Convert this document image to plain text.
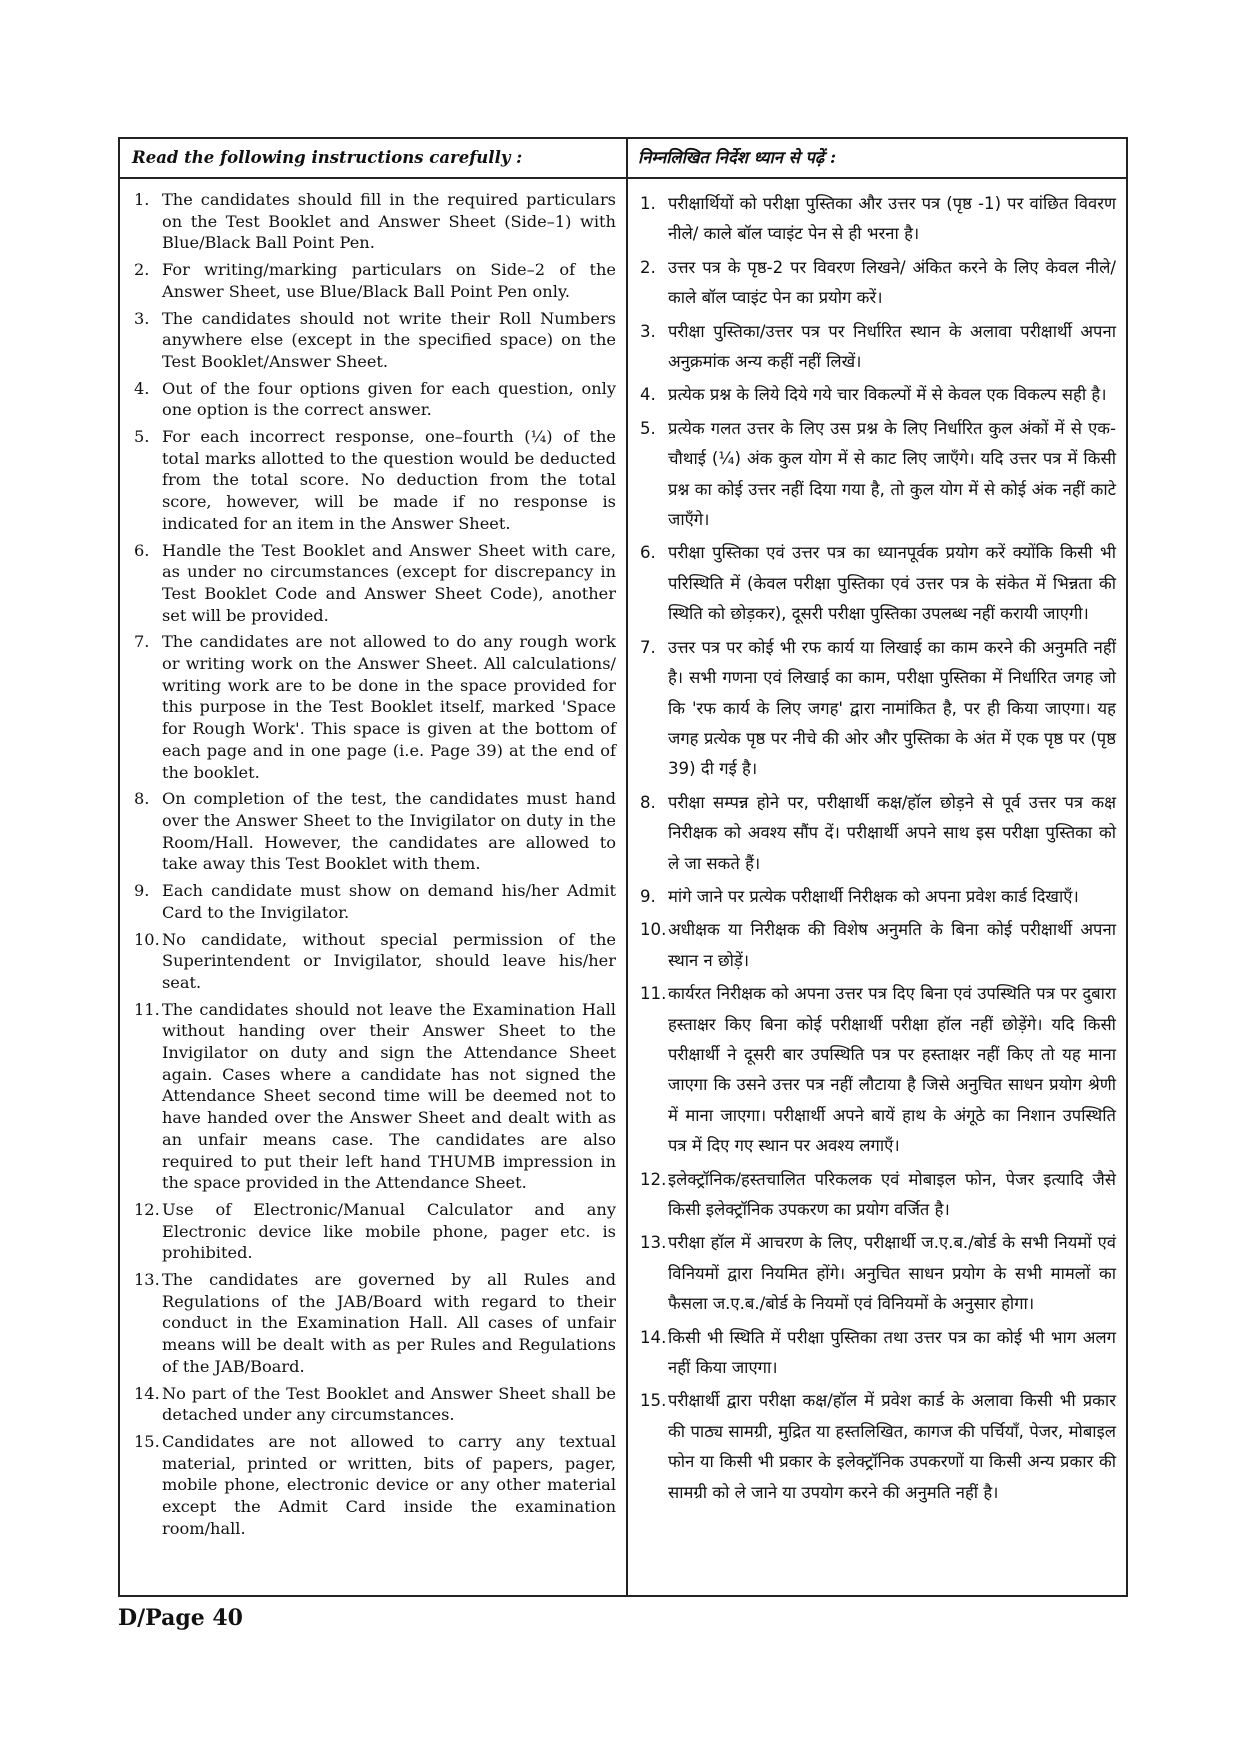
Read the following instructions carefully :
1. The candidates should fill in the required particulars on the Test Booklet and Answer Sheet (Side–1) with Blue/Black Ball Point Pen.
2. For writing/marking particulars on Side–2 of the Answer Sheet, use Blue/Black Ball Point Pen only.
3. The candidates should not write their Roll Numbers anywhere else (except in the specified space) on the Test Booklet/Answer Sheet.
4. Out of the four options given for each question, only one option is the correct answer.
5. For each incorrect response, one–fourth (¼) of the total marks allotted to the question would be deducted from the total score. No deduction from the total score, however, will be made if no response is indicated for an item in the Answer Sheet.
6. Handle the Test Booklet and Answer Sheet with care, as under no circumstances (except for discrepancy in Test Booklet Code and Answer Sheet Code), another set will be provided.
7. The candidates are not allowed to do any rough work or writing work on the Answer Sheet. All calculations/ writing work are to be done in the space provided for this purpose in the Test Booklet itself, marked 'Space for Rough Work'. This space is given at the bottom of each page and in one page (i.e. Page 39) at the end of the booklet.
8. On completion of the test, the candidates must hand over the Answer Sheet to the Invigilator on duty in the Room/Hall. However, the candidates are allowed to take away this Test Booklet with them.
9. Each candidate must show on demand his/her Admit Card to the Invigilator.
10. No candidate, without special permission of the Superintendent or Invigilator, should leave his/her seat.
11. The candidates should not leave the Examination Hall without handing over their Answer Sheet to the Invigilator on duty and sign the Attendance Sheet again. Cases where a candidate has not signed the Attendance Sheet second time will be deemed not to have handed over the Answer Sheet and dealt with as an unfair means case. The candidates are also required to put their left hand THUMB impression in the space provided in the Attendance Sheet.
12. Use of Electronic/Manual Calculator and any Electronic device like mobile phone, pager etc. is prohibited.
13. The candidates are governed by all Rules and Regulations of the JAB/Board with regard to their conduct in the Examination Hall. All cases of unfair means will be dealt with as per Rules and Regulations of the JAB/Board.
14. No part of the Test Booklet and Answer Sheet shall be detached under any circumstances.
15. Candidates are not allowed to carry any textual material, printed or written, bits of papers, pager, mobile phone, electronic device or any other material except the Admit Card inside the examination room/hall.
निम्नलिखित निर्देश ध्यान से पढ़ें :
1. परीक्षार्थियों को परीक्षा पुस्तिका और उत्तर पत्र (पृष्ठ -1) पर वांछित विवरण नीले/ काले बॉल प्वाइंट पेन से ही भरना है।
2. उत्तर पत्र के पृष्ठ-2 पर विवरण लिखने/ अंकित करने के लिए केवल नीले/ काले बॉल प्वाइंट पेन का प्रयोग करें।
3. परीक्षा पुस्तिका/उत्तर पत्र पर निर्धारित स्थान के अलावा परीक्षार्थी अपना अनुक्रमांक अन्य कहीं नहीं लिखें।
4. प्रत्येक प्रश्न के लिये दिये गये चार विकल्पों में से केवल एक विकल्प सही है।
5. प्रत्येक गलत उत्तर के लिए उस प्रश्न के लिए निर्धारित कुल अंकों में से एक-चौथाई (¼) अंक कुल योग में से काट लिए जाएँगे। यदि उत्तर पत्र में किसी प्रश्न का कोई उत्तर नहीं दिया गया है, तो कुल योग में से कोई अंक नहीं काटे जाएँगे।
6. परीक्षा पुस्तिका एवं उत्तर पत्र का ध्यानपूर्वक प्रयोग करें क्योंकि किसी भी परिस्थिति में (केवल परीक्षा पुस्तिका एवं उत्तर पत्र के संकेत में भिन्नता की स्थिति को छोड़कर), दूसरी परीक्षा पुस्तिका उपलब्ध नहीं करायी जाएगी।
7. उत्तर पत्र पर कोई भी रफ कार्य या लिखाई का काम करने की अनुमति नहीं है। सभी गणना एवं लिखाई का काम, परीक्षा पुस्तिका में निर्धारित जगह जो कि 'रफ कार्य के लिए जगह' द्वारा नामांकित है, पर ही किया जाएगा। यह जगह प्रत्येक पृष्ठ पर नीचे की ओर और पुस्तिका के अंत में एक पृष्ठ पर (पृष्ठ 39) दी गई है।
8. परीक्षा सम्पन्न होने पर, परीक्षार्थी कक्ष/हॉल छोड़ने से पूर्व उत्तर पत्र कक्ष निरीक्षक को अवश्य सौंप दें। परीक्षार्थी अपने साथ इस परीक्षा पुस्तिका को ले जा सकते हैं।
9. मांगे जाने पर प्रत्येक परीक्षार्थी निरीक्षक को अपना प्रवेश कार्ड दिखाएँ।
10. अधीक्षक या निरीक्षक की विशेष अनुमति के बिना कोई परीक्षार्थी अपना स्थान न छोड़ें।
11. कार्यरत निरीक्षक को अपना उत्तर पत्र दिए बिना एवं उपस्थिति पत्र पर दुबारा हस्ताक्षर किए बिना कोई परीक्षार्थी परीक्षा हॉल नहीं छोड़ेंगे। यदि किसी परीक्षार्थी ने दूसरी बार उपस्थिति पत्र पर हस्ताक्षर नहीं किए तो यह माना जाएगा कि उसने उत्तर पत्र नहीं लौटाया है जिसे अनुचित साधन प्रयोग श्रेणी में माना जाएगा। परीक्षार्थी अपने बायें हाथ के अंगूठे का निशान उपस्थिति पत्र में दिए गए स्थान पर अवश्य लगाएँ।
12. इलेक्ट्रॉनिक/हस्तचालित परिकलक एवं मोबाइल फोन, पेजर इत्यादि जैसे किसी इलेक्ट्रॉनिक उपकरण का प्रयोग वर्जित है।
13. परीक्षा हॉल में आचरण के लिए, परीक्षार्थी ज.ए.ब./बोर्ड के सभी नियमों एवं विनियमों द्वारा नियमित होंगे। अनुचित साधन प्रयोग के सभी मामलों का फैसला ज.ए.ब./बोर्ड के नियमों एवं विनियमों के अनुसार होगा।
14. किसी भी स्थिति में परीक्षा पुस्तिका तथा उत्तर पत्र का कोई भी भाग अलग नहीं किया जाएगा।
15. परीक्षार्थी द्वारा परीक्षा कक्ष/हॉल में प्रवेश कार्ड के अलावा किसी भी प्रकार की पाठ्य सामग्री, मुद्रित या हस्तलिखित, कागज की पर्चियाँ, पेजर, मोबाइल फोन या किसी भी प्रकार के इलेक्ट्रॉनिक उपकरणों या किसी अन्य प्रकार की सामग्री को ले जाने या उपयोग करने की अनुमति नहीं है।
D/Page 40
